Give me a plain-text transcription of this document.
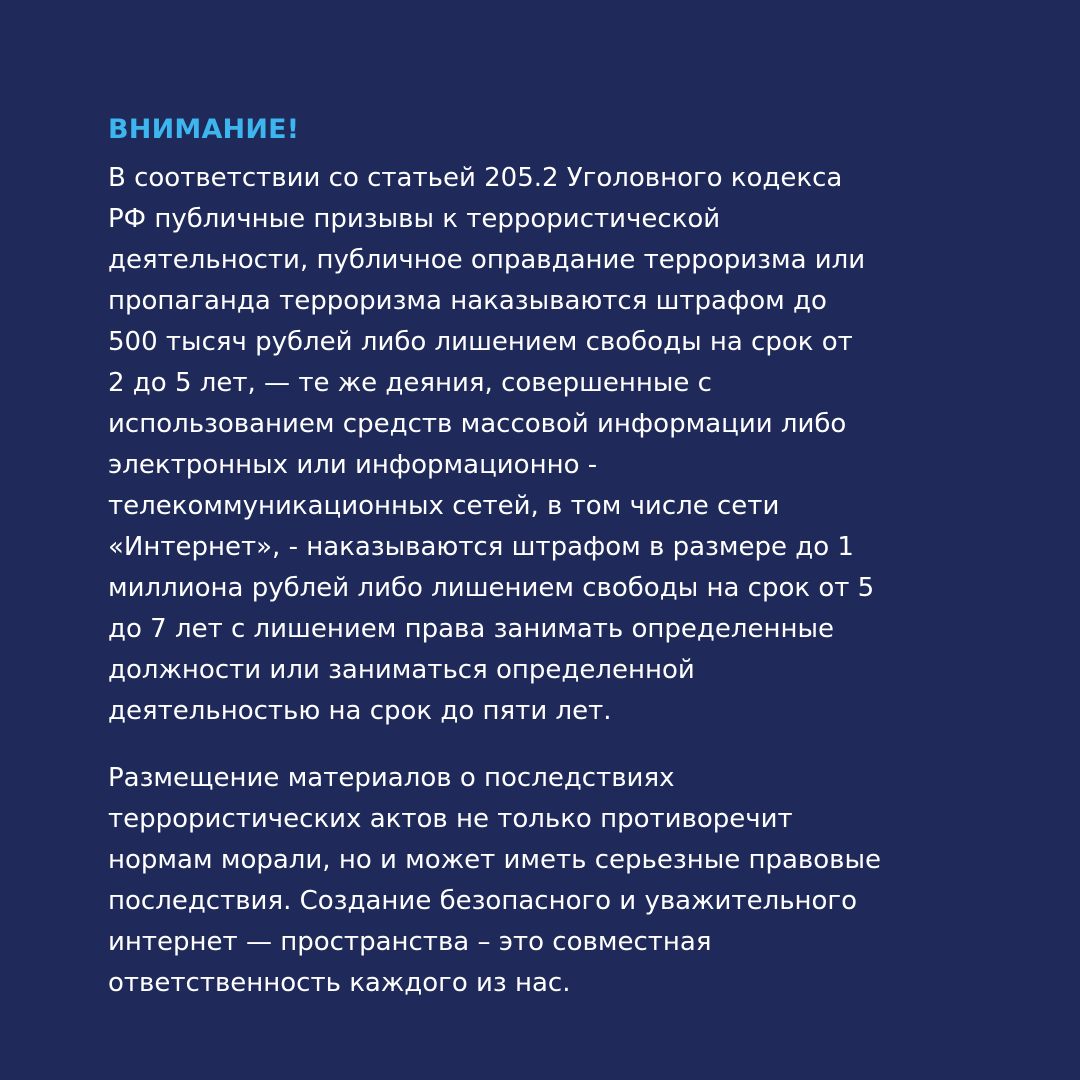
ВНИМАНИЕ!

В соответствии со статьей 205.2 Уголовного кодекса
РФ публичные призывы к террористической
деятельности, публичное оправдание терроризма или
пропаганда терроризма наказываются штрафом до
500 тысяч рублей либо лишением свободы на срок от
2 до 5 лет, — те же деяния, совершенные с
использованием средств массовой информации либо
электронных или информационно -
телекоммуникационных сетей, в том числе сети
«Интернет», - наказываются штрафом в размере до 1
миллиона рублей либо лишением свободы на срок от 5
до 7 лет с лишением права занимать определенные
должности или заниматься определенной
деятельностью на срок до пяти лет.

Размещение материалов о последствиях
террористических актов не только противоречит
нормам морали, но и может иметь серьезные правовые
последствия. Создание безопасного и уважительного
интернет — пространства – это совместная
ответственность каждого из нас.
